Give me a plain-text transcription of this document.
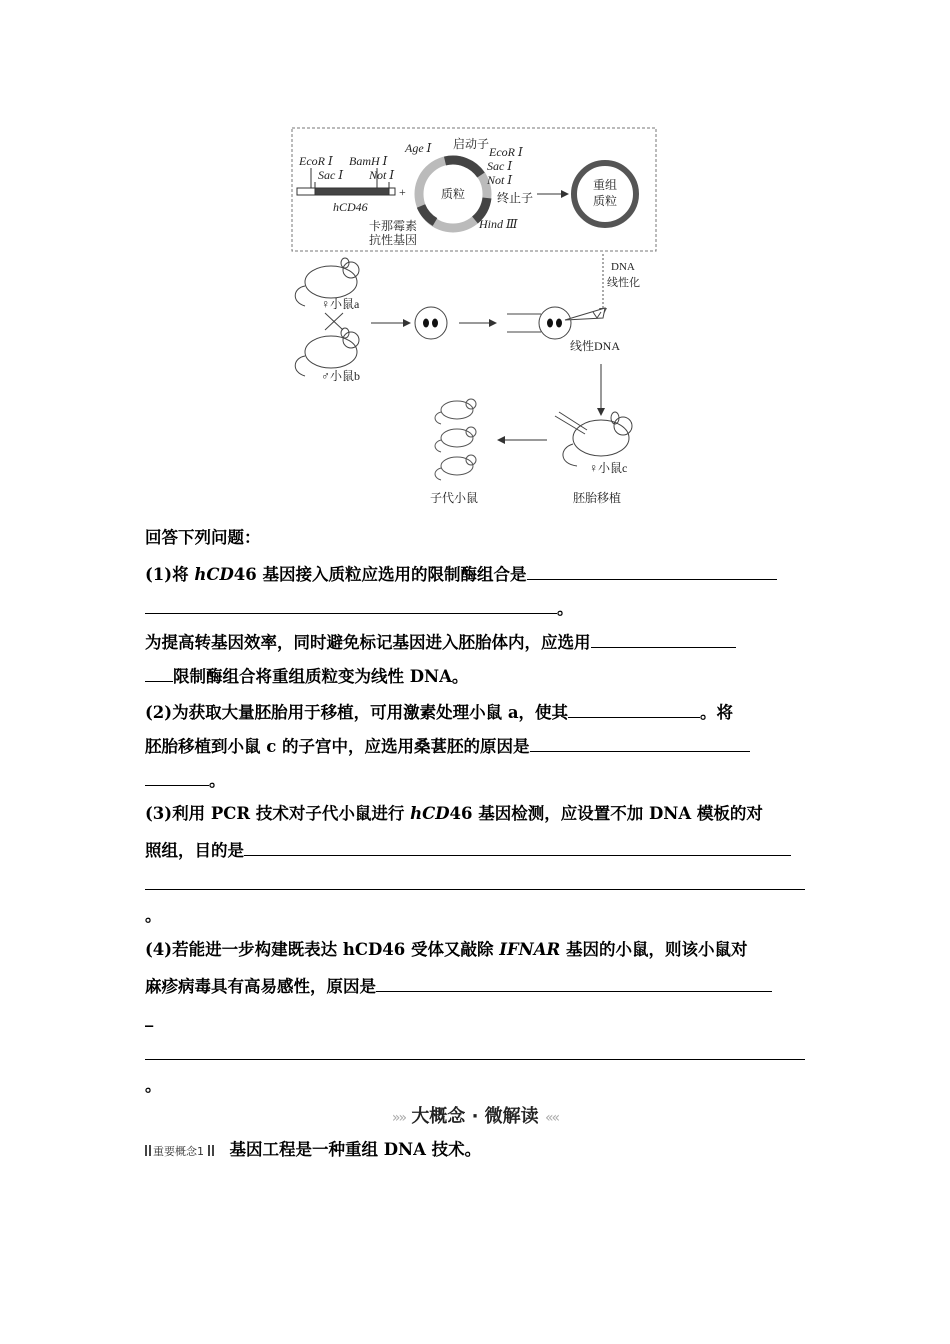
EcoR Ⅰ BamH Ⅰ
Sac Ⅰ Not Ⅰ
hCD46
+	质粒
Age Ⅰ 启动子
EcoR Ⅰ
Sac Ⅰ
Not Ⅰ
终止子
Hind Ⅲ
卡那霉素
抗性基因
重组
质粒
DNA
线性化
♀小鼠a
♂小鼠b
线性DNA
♀小鼠c
子代小鼠	胚胎移植
回答下列问题：
(1)将 hCD46 基因接入质粒应选用的限制酶组合是
。
为提高转基因效率，同时避免标记基因进入胚胎体内，应选用
限制酶组合将重组质粒变为线性 DNA。
(2)为获取大量胚胎用于移植，可用激素处理小鼠 a，使其	。将
胚胎移植到小鼠 c 的子宫中，应选用桑葚胚的原因是
。
(3)利用 PCR 技术对子代小鼠进行 hCD46 基因检测，应设置不加 DNA 模板的对
照组，目的是
。
(4)若能进一步构建既表达 hCD46 受体又敲除 IFNAR 基因的小鼠，则该小鼠对
麻疹病毒具有高易感性，原因是
_
。
»» 大概念 · 微解读 ««
重要概念1 基因工程是一种重组 DNA 技术。
